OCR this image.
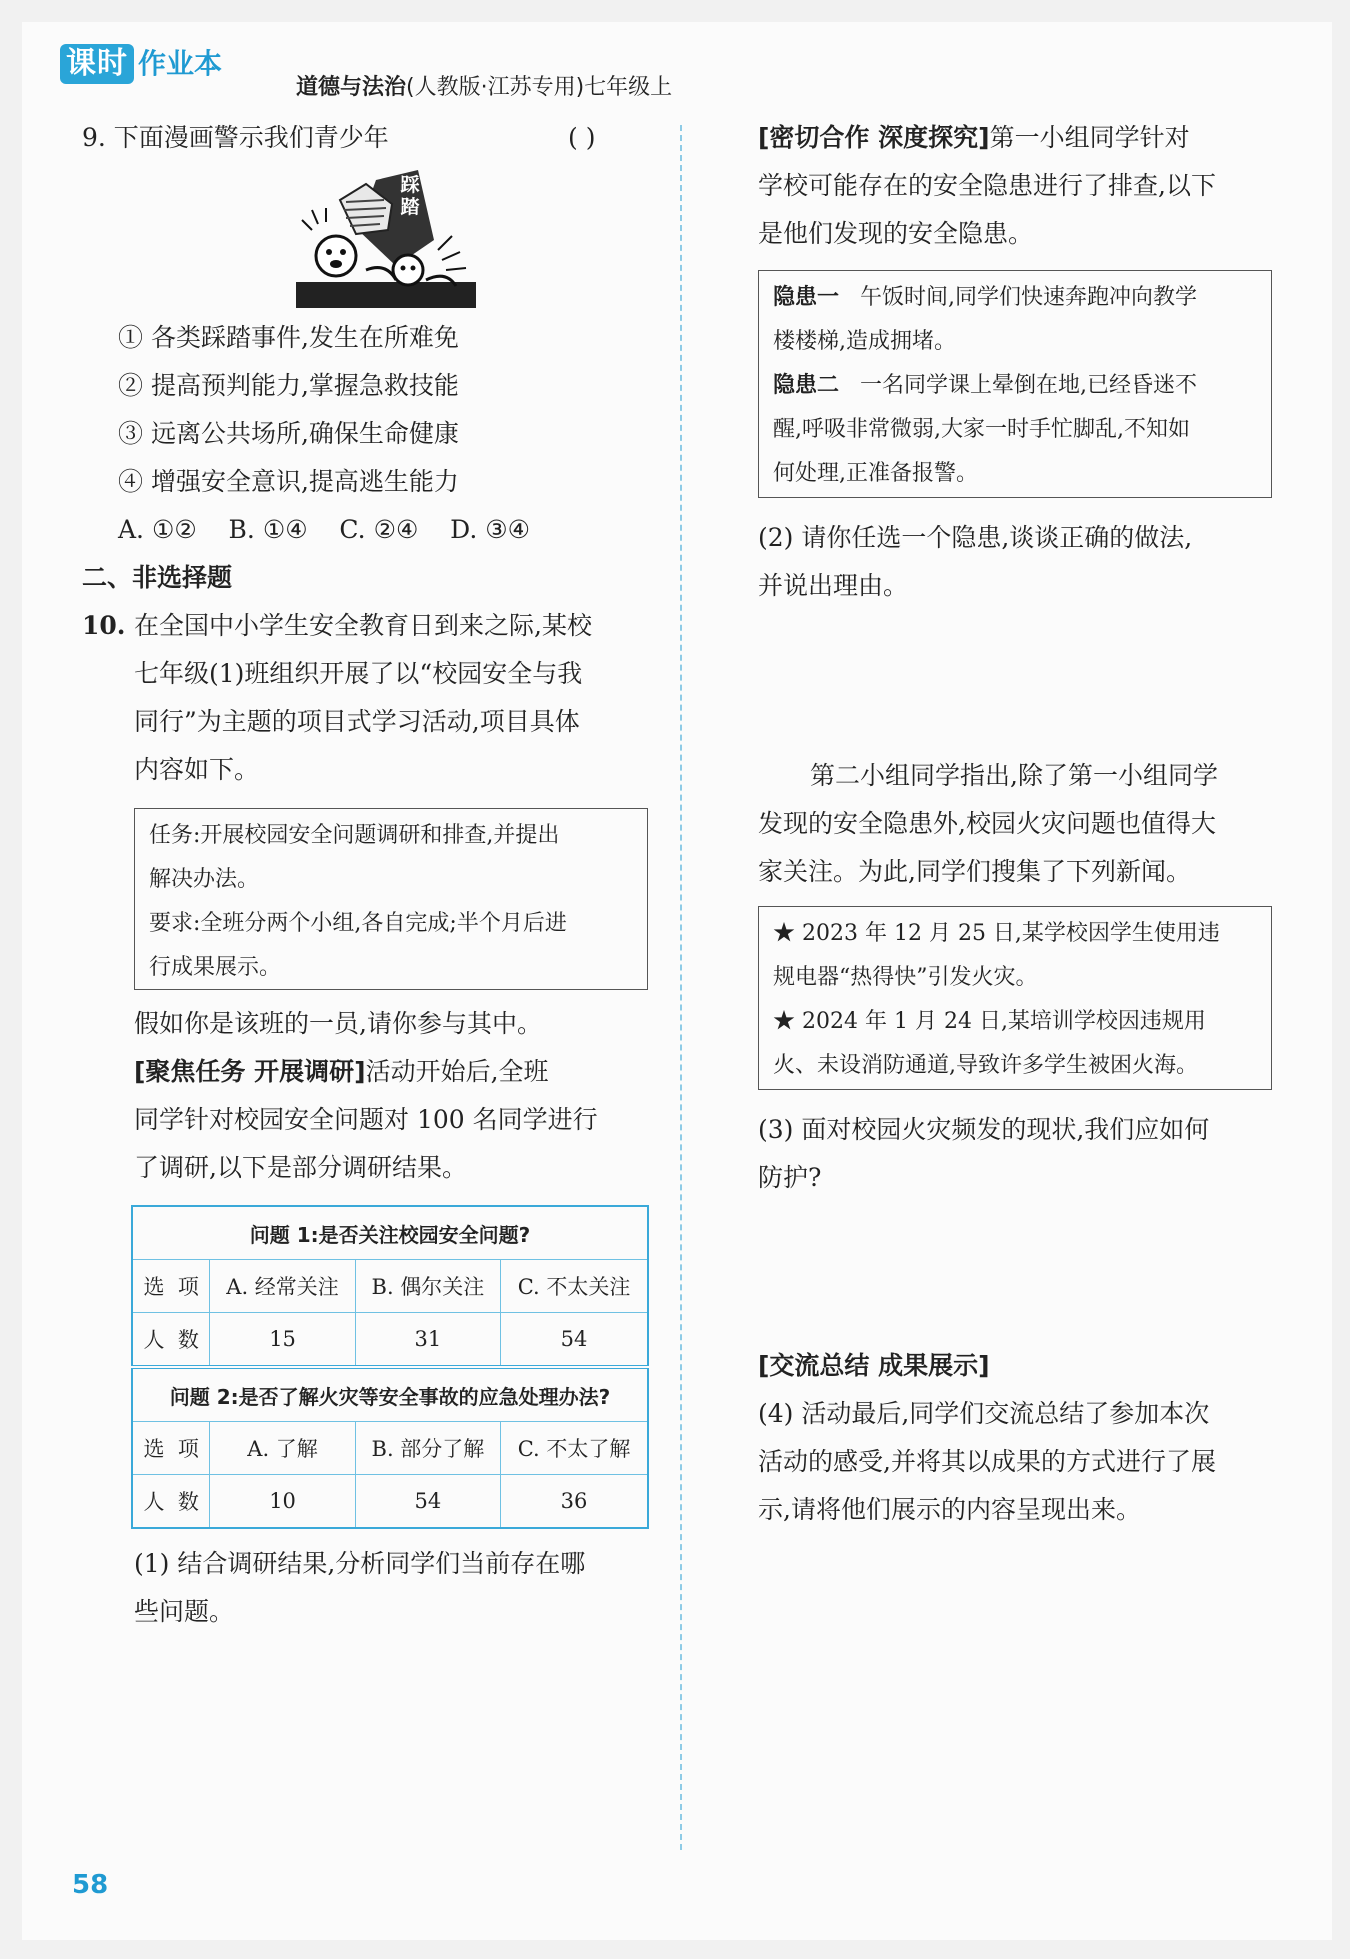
课时 作业本
道德与法治(人教版·江苏专用)七年级上
9. 下面漫画警示我们青少年	( )
踩踏
① 各类踩踏事件,发生在所难免
② 提高预判能力,掌握急救技能
③ 远离公共场所,确保生命健康
④ 增强安全意识,提高逃生能力
A. ①②    B. ①④    C. ②④    D. ③④
二、非选择题
10. 在全国中小学生安全教育日到来之际,某校
七年级(1)班组织开展了以“校园安全与我
同行”为主题的项目式学习活动,项目具体
内容如下。
任务:开展校园安全问题调研和排查,并提出
解决办法。
要求:全班分两个小组,各自完成;半个月后进
行成果展示。
假如你是该班的一员,请你参与其中。
[聚焦任务 开展调研]活动开始后,全班
同学针对校园安全问题对 100 名同学进行
了调研,以下是部分调研结果。
问题 1:是否关注校园安全问题?			
选  项	A. 经常关注	B. 偶尔关注	C. 不太关注
人  数	15	31	54
问题 2:是否了解火灾等安全事故的应急处理办法?			
选  项	A. 了解	B. 部分了解	C. 不太了解
人  数	10	54	36
(1) 结合调研结果,分析同学们当前存在哪
些问题。
[密切合作 深度探究]第一小组同学针对
学校可能存在的安全隐患进行了排查,以下
是他们发现的安全隐患。
隐患一 午饭时间,同学们快速奔跑冲向教学
楼楼梯,造成拥堵。
隐患二 一名同学课上晕倒在地,已经昏迷不
醒,呼吸非常微弱,大家一时手忙脚乱,不知如
何处理,正准备报警。
(2) 请你任选一个隐患,谈谈正确的做法,
并说出理由。
第二小组同学指出,除了第一小组同学
发现的安全隐患外,校园火灾问题也值得大
家关注。为此,同学们搜集了下列新闻。
★ 2023 年 12 月 25 日,某学校因学生使用违
规电器“热得快”引发火灾。
★ 2024 年 1 月 24 日,某培训学校因违规用
火、未设消防通道,导致许多学生被困火海。
(3) 面对校园火灾频发的现状,我们应如何
防护?
[交流总结 成果展示]
(4) 活动最后,同学们交流总结了参加本次
活动的感受,并将其以成果的方式进行了展
示,请将他们展示的内容呈现出来。
58
